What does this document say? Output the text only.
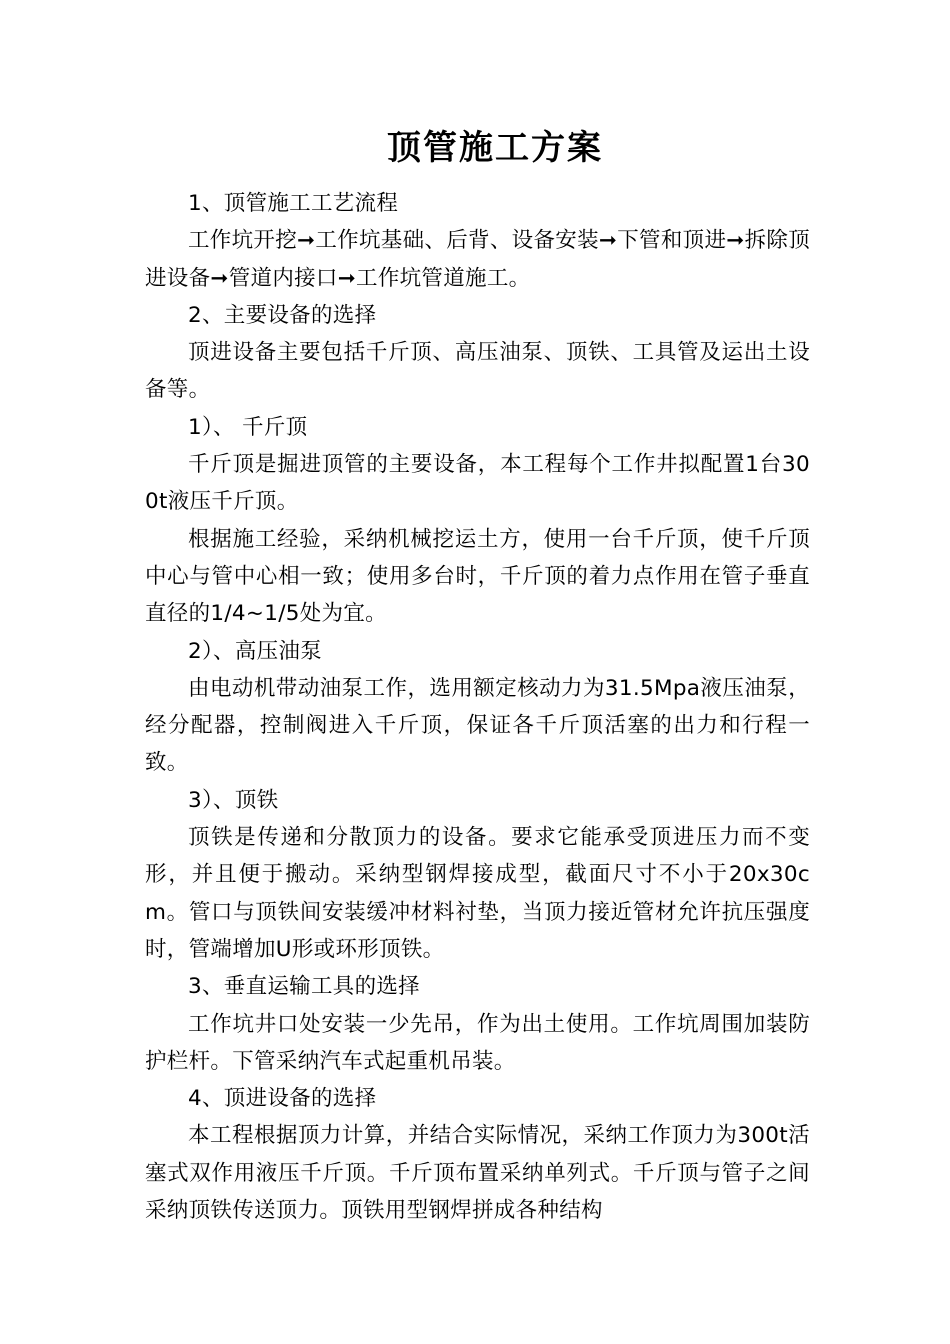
顶管施工方案

1、顶管施工工艺流程

工作坑开挖➞工作坑基础、后背、设备安装➞下管和顶进➞拆除顶进设备➞管道内接口➞工作坑管道施工。

2、主要设备的选择

顶进设备主要包括千斤顶、高压油泵、顶铁、工具管及运出土设备等。

1）、 千斤顶

千斤顶是掘进顶管的主要设备，本工程每个工作井拟配置1台300t液压千斤顶。

根据施工经验，采纳机械挖运土方，使用一台千斤顶，使千斤顶中心与管中心相一致；使用多台时，千斤顶的着力点作用在管子垂直直径的1/4~1/5处为宜。

2）、高压油泵

由电动机带动油泵工作，选用额定核动力为31.5Mpa液压油泵，经分配器，控制阀进入千斤顶，保证各千斤顶活塞的出力和行程一致。

3）、顶铁

顶铁是传递和分散顶力的设备。要求它能承受顶进压力而不变形，并且便于搬动。采纳型钢焊接成型，截面尺寸不小于20x30cm。管口与顶铁间安装缓冲材料衬垫，当顶力接近管材允许抗压强度时，管端增加U形或环形顶铁。

3、垂直运输工具的选择

工作坑井口处安装一少先吊，作为出土使用。工作坑周围加装防护栏杆。下管采纳汽车式起重机吊装。

4、顶进设备的选择

本工程根据顶力计算，并结合实际情况，采纳工作顶力为300t活塞式双作用液压千斤顶。千斤顶布置采纳单列式。千斤顶与管子之间采纳顶铁传送顶力。顶铁用型钢焊拼成各种结构
